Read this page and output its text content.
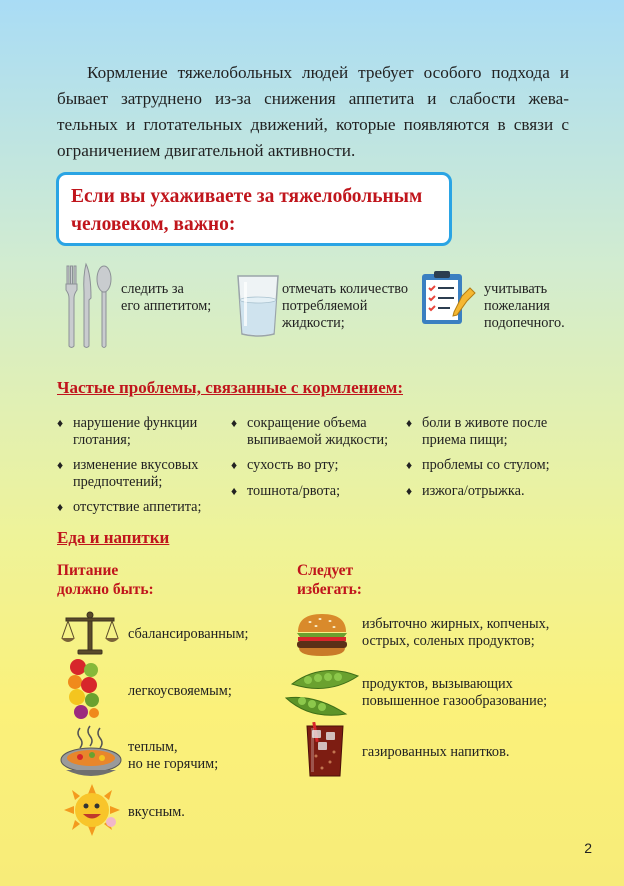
Кормление тяжелобольных людей требует особого подхода и бывает затруднено из-за снижения аппетита и слабости жева- тельных и глотательных движений, которые появляются в связи с ограничением двигательной активности.
Если вы ухаживаете за тяжелобольным
человеком, важно:
следить за
его аппетитом;
отмечать количество
потребляемой
жидкости;
учитывать
пожелания
подопечного.
Частые проблемы, связанные с кормлением:
♦ нарушение функции
глотания;
♦ изменение вкусовых
предпочтений;
♦ отсутствие аппетита;
♦ сокращение объема
выпиваемой жидкости;
♦ сухость во рту;
♦ тошнота/рвота;
♦ боли в животе после
приема пищи;
♦ проблемы со стулом;
♦ изжога/отрыжка.
Еда и напитки
Питание
должно быть:
Следует
избегать:
сбалансированным;
легкоусвояемым;
теплым,
но не горячим;
вкусным.
избыточно жирных, копченых,
острых, соленых продуктов;
продуктов, вызывающих
повышенное газообразование;
газированных напитков.
2
